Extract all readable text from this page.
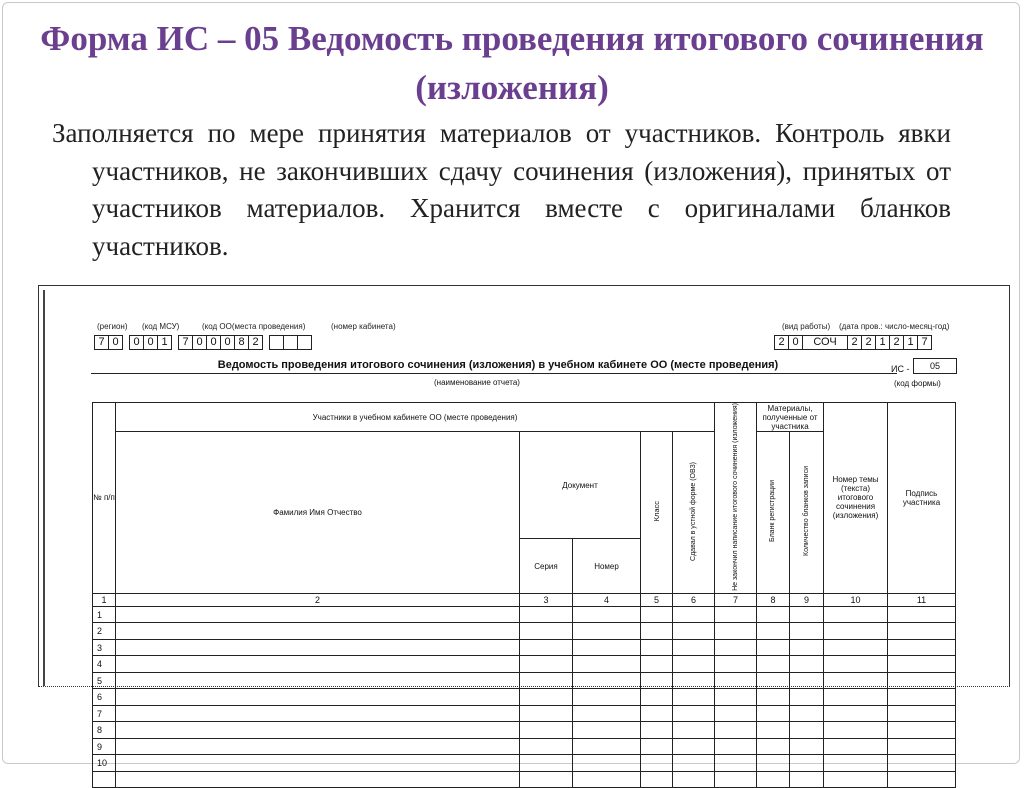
Форма ИС – 05 Ведомость проведения итогового сочинения (изложения)
Заполняется по мере принятия материалов от участников. Контроль явки участников, не закончивших сдачу сочинения (изложения), принятых от участников материалов. Хранится вместе с оригиналами бланков участников.
(регион) (код МСУ)	(код ОО(места проведения)	(номер кабинета)	(вид работы) (дата пров.: число-месяц-год)
7 0	0 0 1	7 0 0 0 8 2	2 0	СОЧ	2 2 1 2 1 7
Ведомость проведения итогового сочинения (изложения) в учебном кабинете ОО (месте проведения)
(наименование отчета)
ИС -	05
(код формы)
№ п/п	Участники в учебном кабинете ОО (месте проведения)					Не закончил написание итогового сочинения (изложения)	Материалы, полученные от участника		Номер темы (текста) итогового сочинения (изложения)	Подпись участника
	Фамилия Имя Отчество	Документ		Класс	Сдавал в устной форме (ОВЗ)		Бланк регистрации	Количество бланков записи		
		Серия	Номер							
1	2	3	4	5	6	7	8	9	10	11
1										
2										
3										
4										
5										
6										
7										
8										
9										
10										
